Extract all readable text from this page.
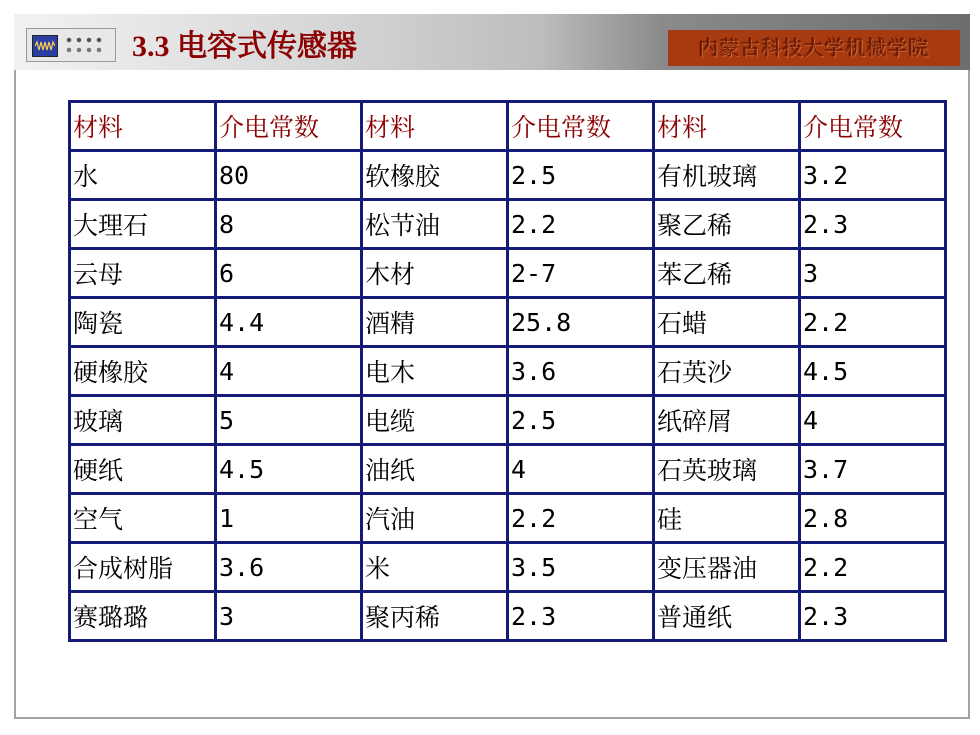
3.3 电容式传感器	内蒙古科技大学机械学院
材料	介电常数	材料	介电常数	材料	介电常数
水	80	软橡胶	2.5	有机玻璃	3.2
大理石	8	松节油	2.2	聚乙稀	2.3
云母	6	木材	2-7	苯乙稀	3
陶瓷	4.4	酒精	25.8	石蜡	2.2
硬橡胶	4	电木	3.6	石英沙	4.5
玻璃	5	电缆	2.5	纸碎屑	4
硬纸	4.5	油纸	4	石英玻璃	3.7
空气	1	汽油	2.2	硅	2.8
合成树脂	3.6	米	3.5	变压器油	2.2
赛璐璐	3	聚丙稀	2.3	普通纸	2.3
